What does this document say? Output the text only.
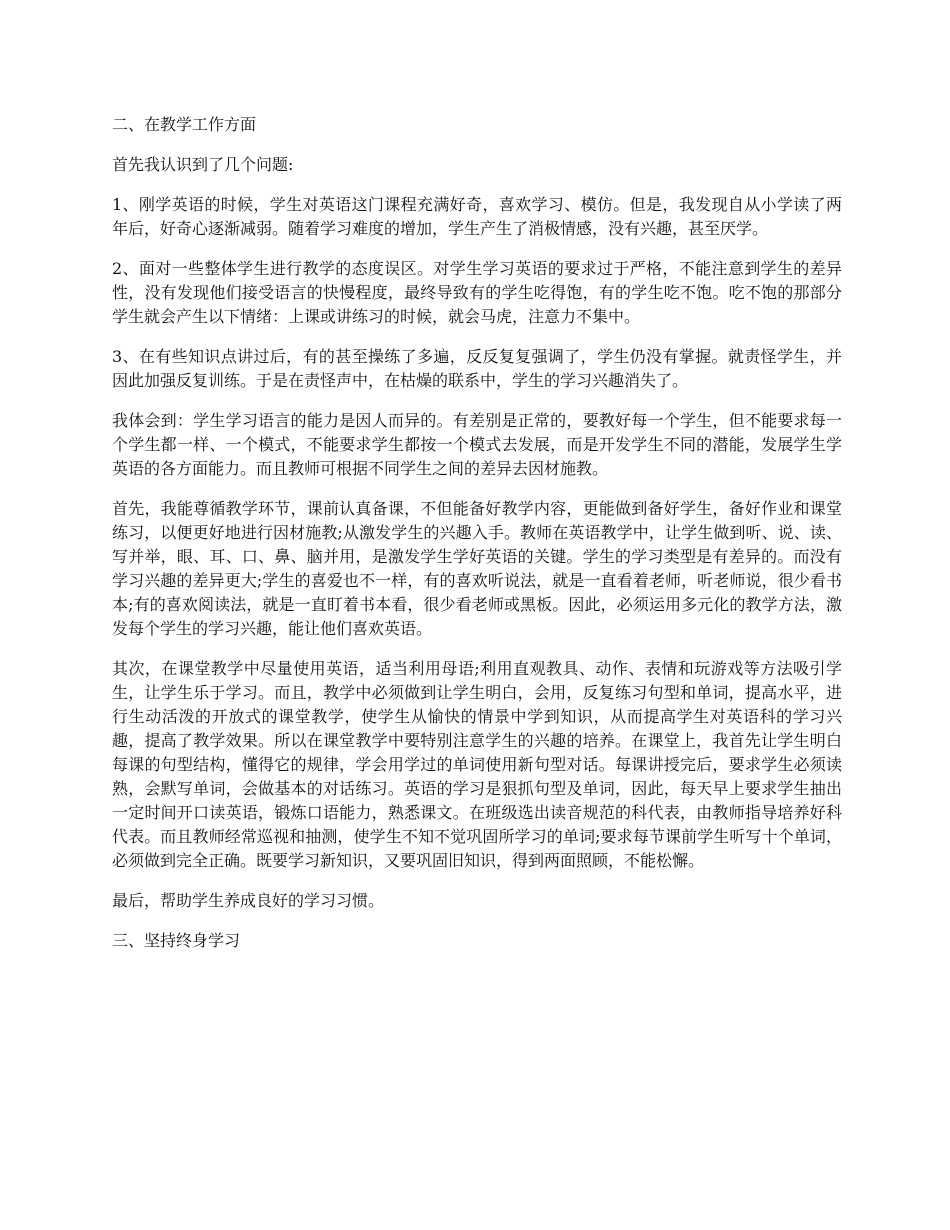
二、在教学工作方面

首先我认识到了几个问题:

1、刚学英语的时候，学生对英语这门课程充满好奇，喜欢学习、模仿。但是，我发现自从小学读了两年后，好奇心逐渐减弱。随着学习难度的增加，学生产生了消极情感，没有兴趣，甚至厌学。

2、面对一些整体学生进行教学的态度误区。对学生学习英语的要求过于严格，不能注意到学生的差异性，没有发现他们接受语言的快慢程度，最终导致有的学生吃得饱，有的学生吃不饱。吃不饱的那部分学生就会产生以下情绪：上课或讲练习的时候，就会马虎，注意力不集中。

3、在有些知识点讲过后，有的甚至操练了多遍，反反复复强调了，学生仍没有掌握。就责怪学生，并因此加强反复训练。于是在责怪声中，在枯燥的联系中，学生的学习兴趣消失了。

我体会到：学生学习语言的能力是因人而异的。有差别是正常的，要教好每一个学生，但不能要求每一个学生都一样、一个模式，不能要求学生都按一个模式去发展，而是开发学生不同的潜能，发展学生学英语的各方面能力。而且教师可根据不同学生之间的差异去因材施教。

首先，我能尊循教学环节，课前认真备课，不但能备好教学内容，更能做到备好学生，备好作业和课堂练习，以便更好地进行因材施教;从激发学生的兴趣入手。教师在英语教学中，让学生做到听、说、读、写并举，眼、耳、口、鼻、脑并用，是激发学生学好英语的关键。学生的学习类型是有差异的。而没有学习兴趣的差异更大;学生的喜爱也不一样，有的喜欢听说法，就是一直看着老师，听老师说，很少看书本;有的喜欢阅读法，就是一直盯着书本看，很少看老师或黑板。因此，必须运用多元化的教学方法，激发每个学生的学习兴趣，能让他们喜欢英语。

其次，在课堂教学中尽量使用英语，适当利用母语;利用直观教具、动作、表情和玩游戏等方法吸引学生，让学生乐于学习。而且，教学中必须做到让学生明白，会用，反复练习句型和单词，提高水平，进行生动活泼的开放式的课堂教学，使学生从愉快的情景中学到知识，从而提高学生对英语科的学习兴趣，提高了教学效果。所以在课堂教学中要特别注意学生的兴趣的培养。在课堂上，我首先让学生明白每课的句型结构，懂得它的规律，学会用学过的单词使用新句型对话。每课讲授完后，要求学生必须读熟，会默写单词，会做基本的对话练习。英语的学习是狠抓句型及单词，因此，每天早上要求学生抽出一定时间开口读英语，锻炼口语能力，熟悉课文。在班级选出读音规范的科代表，由教师指导培养好科代表。而且教师经常巡视和抽测，使学生不知不觉巩固所学习的单词;要求每节课前学生听写十个单词，必须做到完全正确。既要学习新知识，又要巩固旧知识，得到两面照顾，不能松懈。

最后，帮助学生养成良好的学习习惯。

三、坚持终身学习
